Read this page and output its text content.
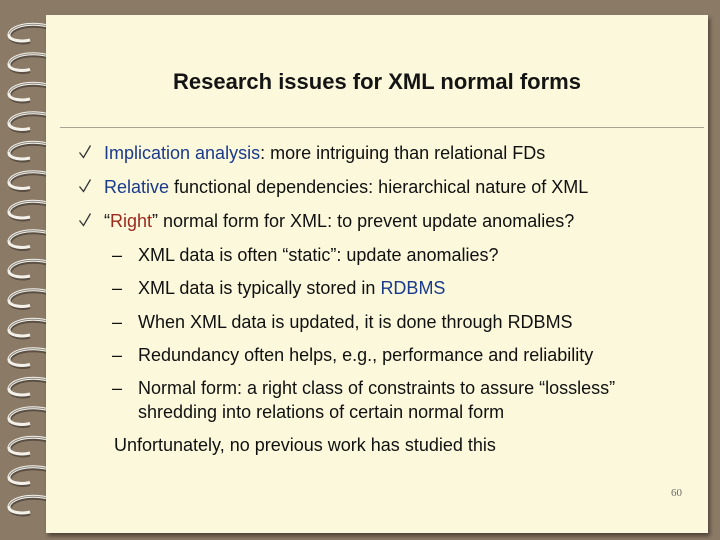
Research issues for XML normal forms
Implication analysis: more intriguing than relational FDs
Relative functional dependencies: hierarchical nature of XML
“Right” normal form for XML: to prevent update anomalies?
– XML data is often “static”: update anomalies?
– XML data is typically stored in RDBMS
– When XML data is updated, it is done through RDBMS
– Redundancy often helps, e.g., performance and reliability
– Normal form: a right class of constraints to assure “lossless”
shredding into relations of certain normal form
Unfortunately, no previous work has studied this
60
